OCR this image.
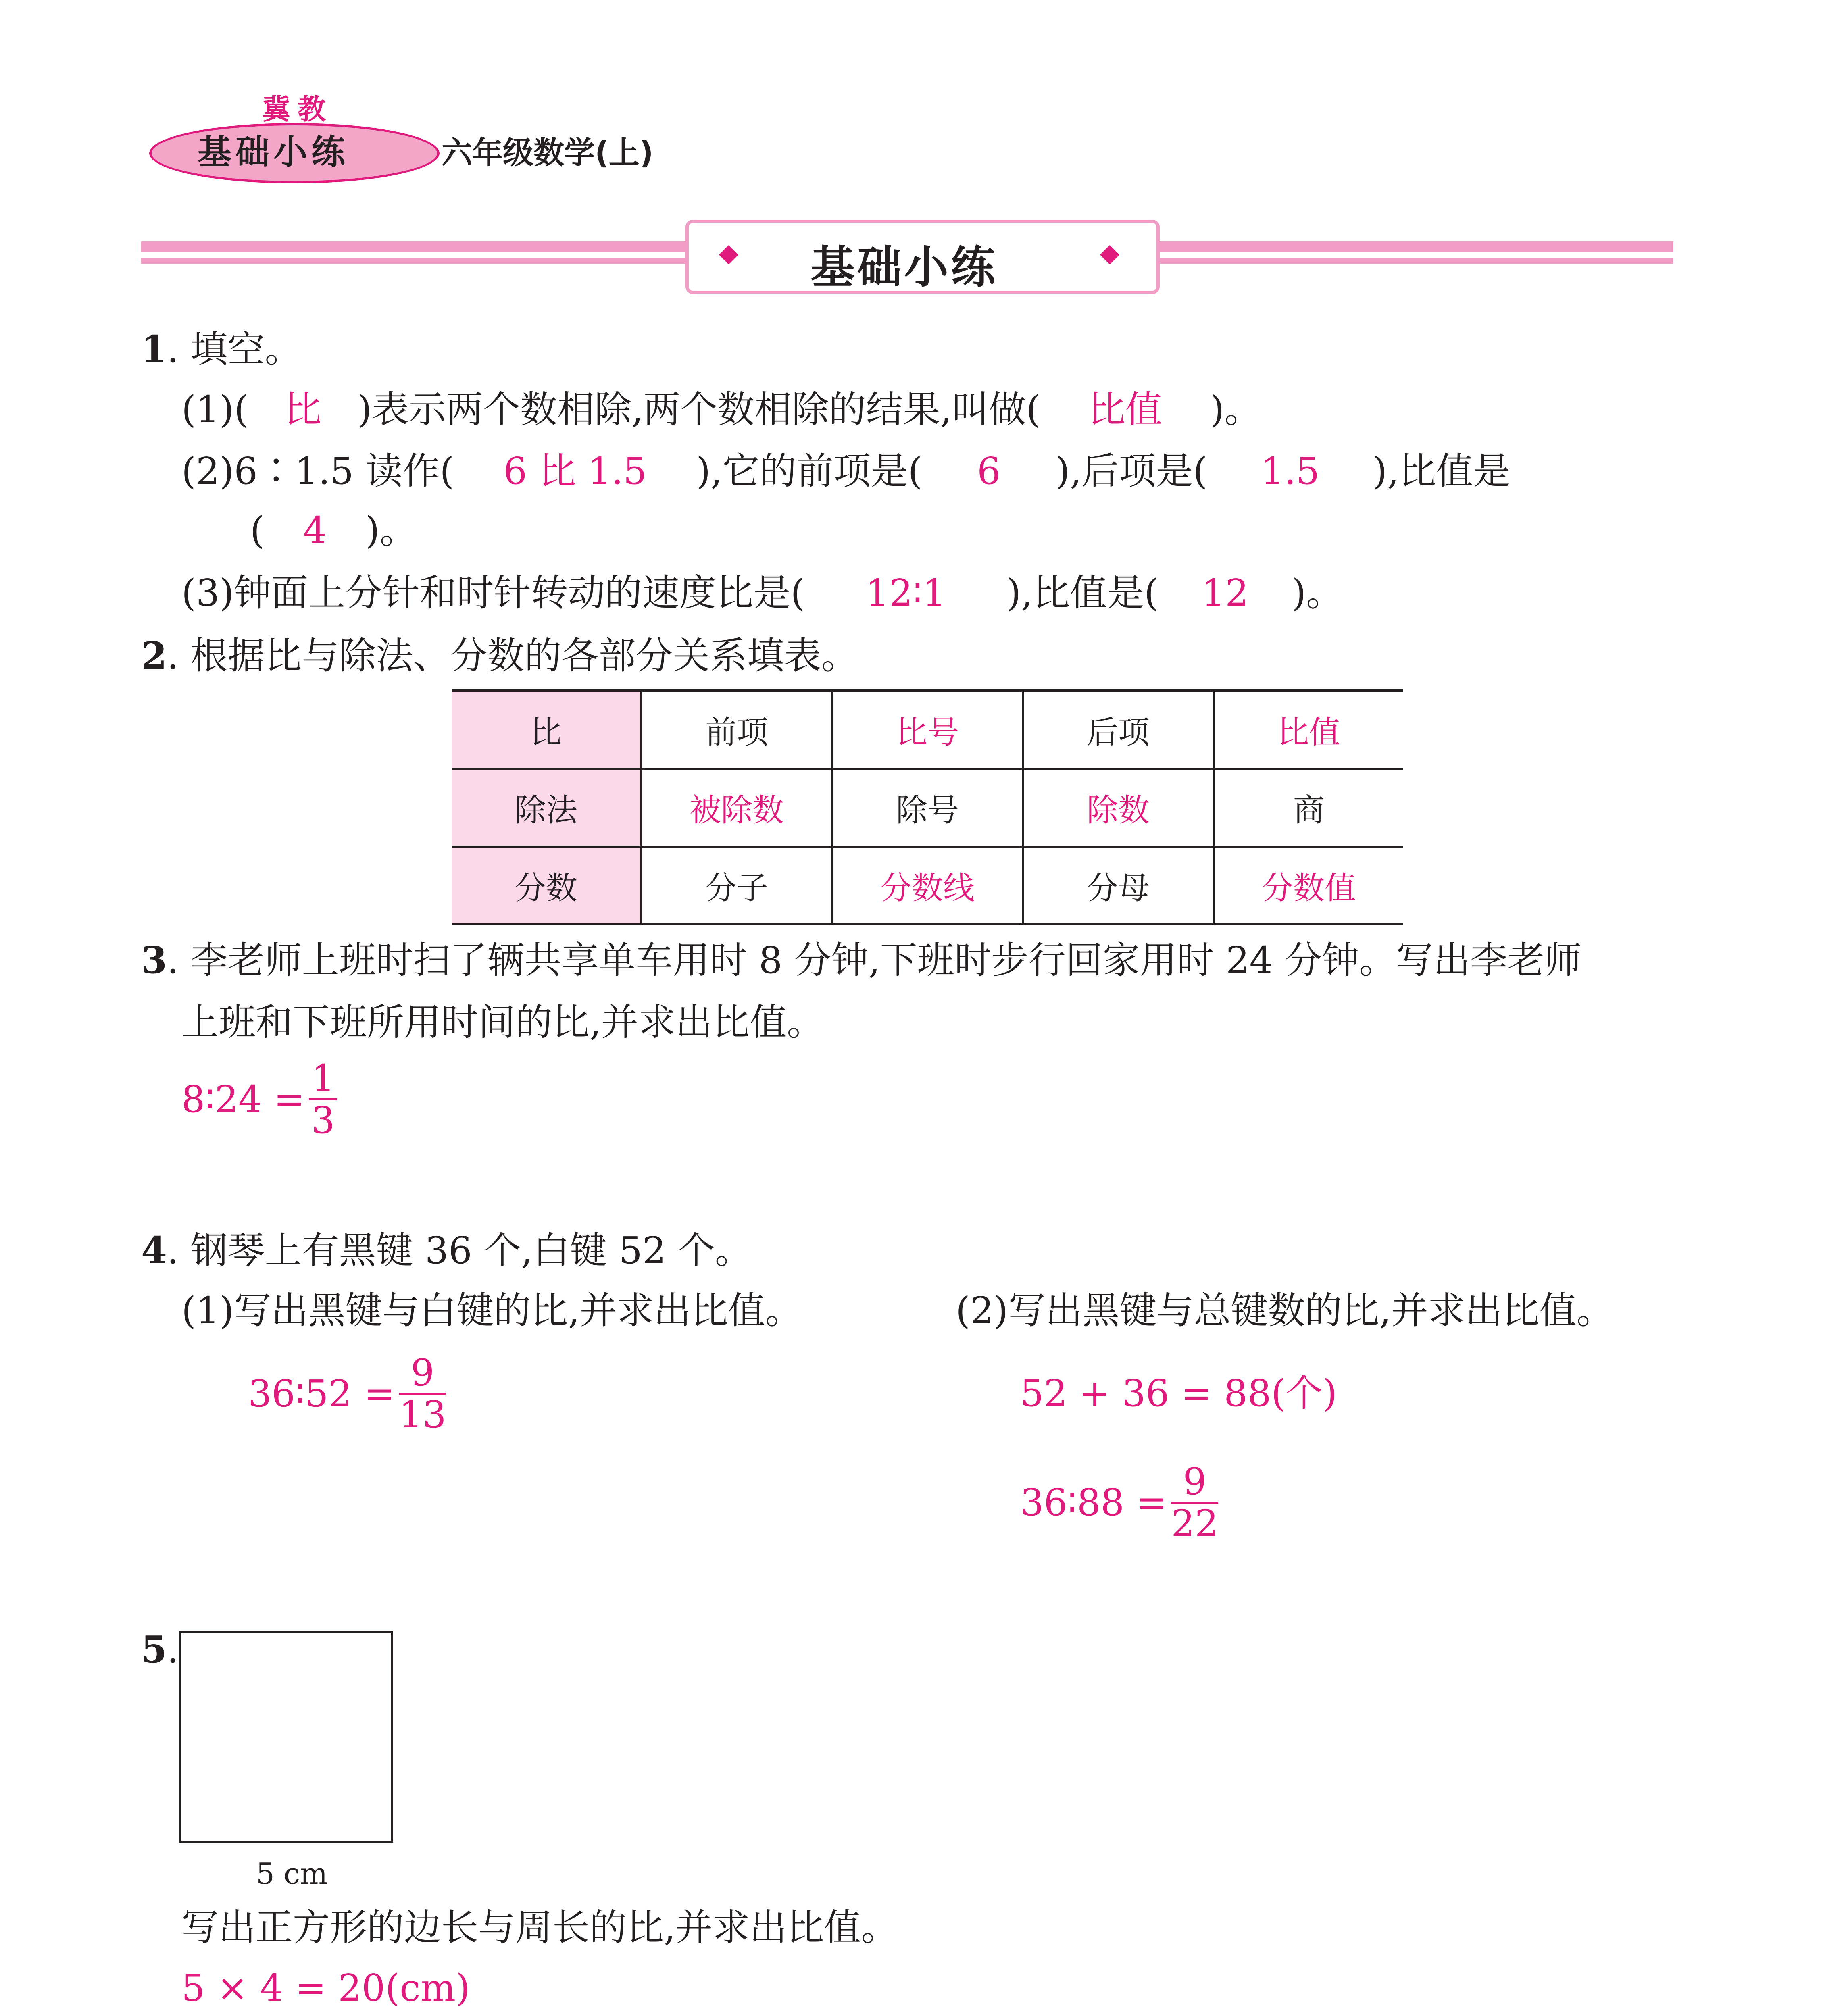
冀教
基础小练	六年级数学(上)
基础小练
1. 填空。
(1)( 比 )表示两个数相除,两个数相除的结果,叫做( 比值 )。
(2)6∶1.5 读作( 6 比 1.5 ),它的前项是( 6 ),后项是( 1.5 ),比值是
( 4 )。
(3)钟面上分针和时针转动的速度比是( 12∶1 ),比值是( 12 )。
2. 根据比与除法、分数的各部分关系填表。
比	前项	比号	后项	比值
除法	被除数	除号	除数	商
分数	分子	分数线	分母	分数值
3. 李老师上班时扫了辆共享单车用时 8 分钟,下班时步行回家用时 24 分钟。写出李老师
上班和下班所用时间的比,并求出比值。
8∶24 = $\frac{1}{3}$
4. 钢琴上有黑键 36 个,白键 52 个。
(1)写出黑键与白键的比,并求出比值。	(2)写出黑键与总键数的比,并求出比值。
36∶52 = $\frac{9}{13}$	52 + 36 = 88(个)
36∶88 = $\frac{9}{22}$
5.
5 cm
写出正方形的边长与周长的比,并求出比值。
5 × 4 = 20(cm)
